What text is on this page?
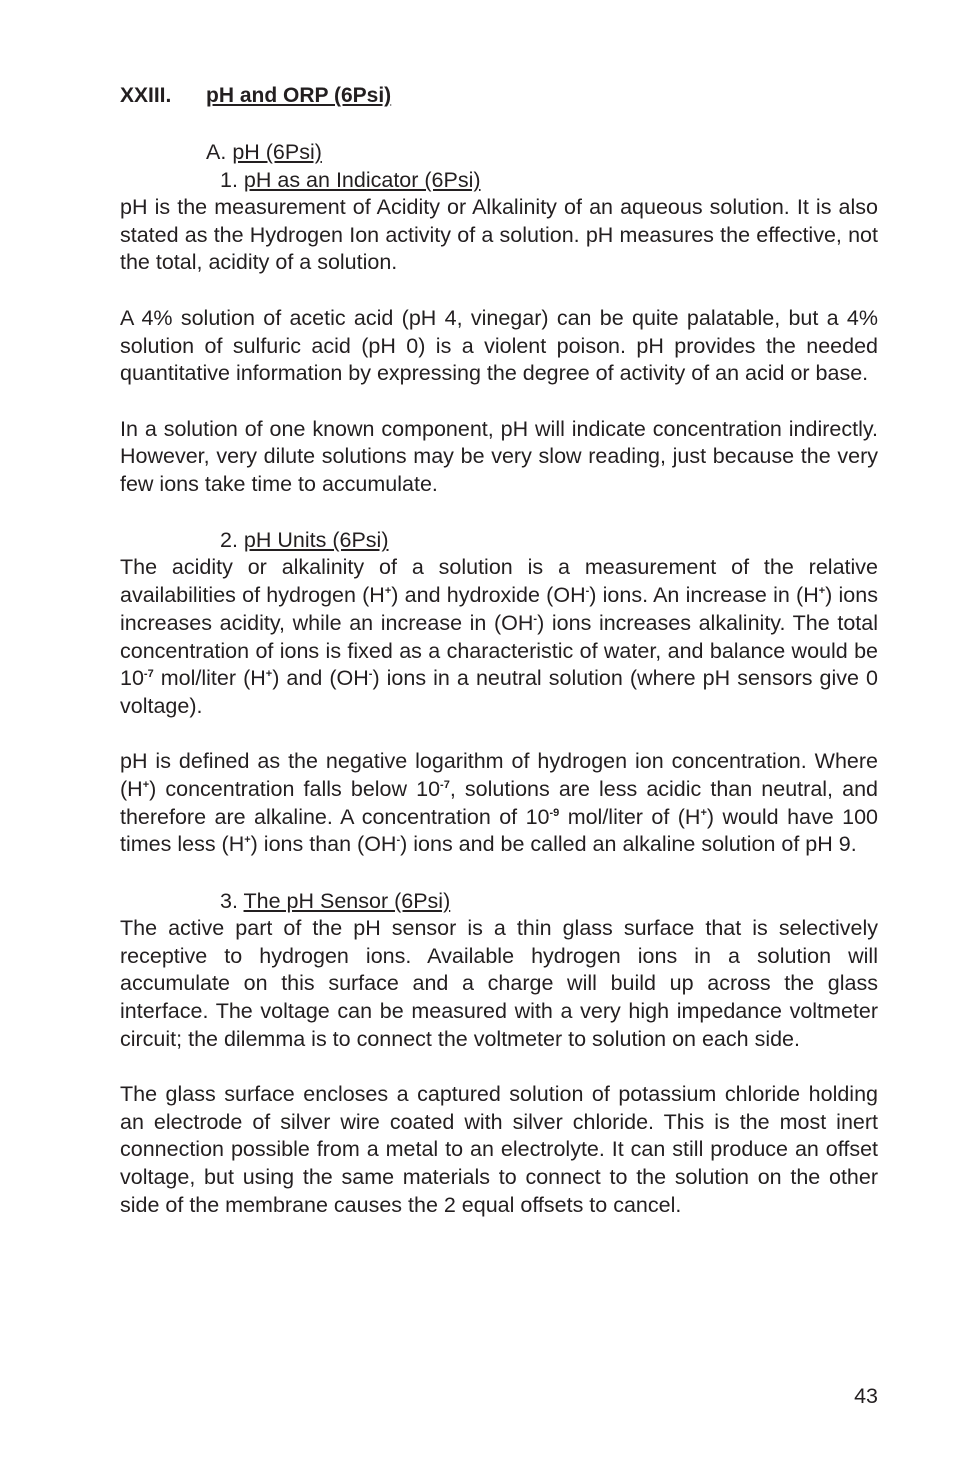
XXIII. pH and ORP (6Psi)
A. pH (6Psi)
1. pH as an Indicator (6Psi)

pH is the measurement of Acidity or Alkalinity of an aqueous solution. It is also stated as the Hydrogen Ion activity of a solution. pH measures the effective, not the total, acidity of a solution.

A 4% solution of acetic acid (pH 4, vinegar) can be quite palatable, but a 4% solution of sulfuric acid (pH 0) is a violent poison. pH provides the needed quantitative information by expressing the degree of activity of an acid or base.

In a solution of one known component, pH will indicate concentration indirectly. However, very dilute solutions may be very slow reading, just because the very few ions take time to accumulate.

2. pH Units (6Psi)

The acidity or alkalinity of a solution is a measurement of the relative availabilities of hydrogen (H+) and hydroxide (OH-) ions. An increase in (H+) ions increases acidity, while an increase in (OH-) ions increases alkalinity. The total concentration of ions is fixed as a characteristic of water, and balance would be $10^{-7}$ mol/liter (H+) and (OH-) ions in a neutral solution (where pH sensors give 0 voltage).

pH is defined as the negative logarithm of hydrogen ion concentration. Where (H+) concentration falls below $10^{-7}$, solutions are less acidic than neutral, and therefore are alkaline. A concentration of $10^{-9}$ mol/liter of (H+) would have 100 times less (H+) ions than (OH-) ions and be called an alkaline solution of pH 9.

3. The pH Sensor (6Psi)

The active part of the pH sensor is a thin glass surface that is selectively receptive to hydrogen ions. Available hydrogen ions in a solution will accumulate on this surface and a charge will build up across the glass interface. The voltage can be measured with a very high impedance voltmeter circuit; the dilemma is to connect the voltmeter to solution on each side.

The glass surface encloses a captured solution of potassium chloride holding an electrode of silver wire coated with silver chloride. This is the most inert connection possible from a metal to an electrolyte. It can still produce an offset voltage, but using the same materials to connect to the solution on the other side of the membrane causes the 2 equal offsets to cancel.

43
